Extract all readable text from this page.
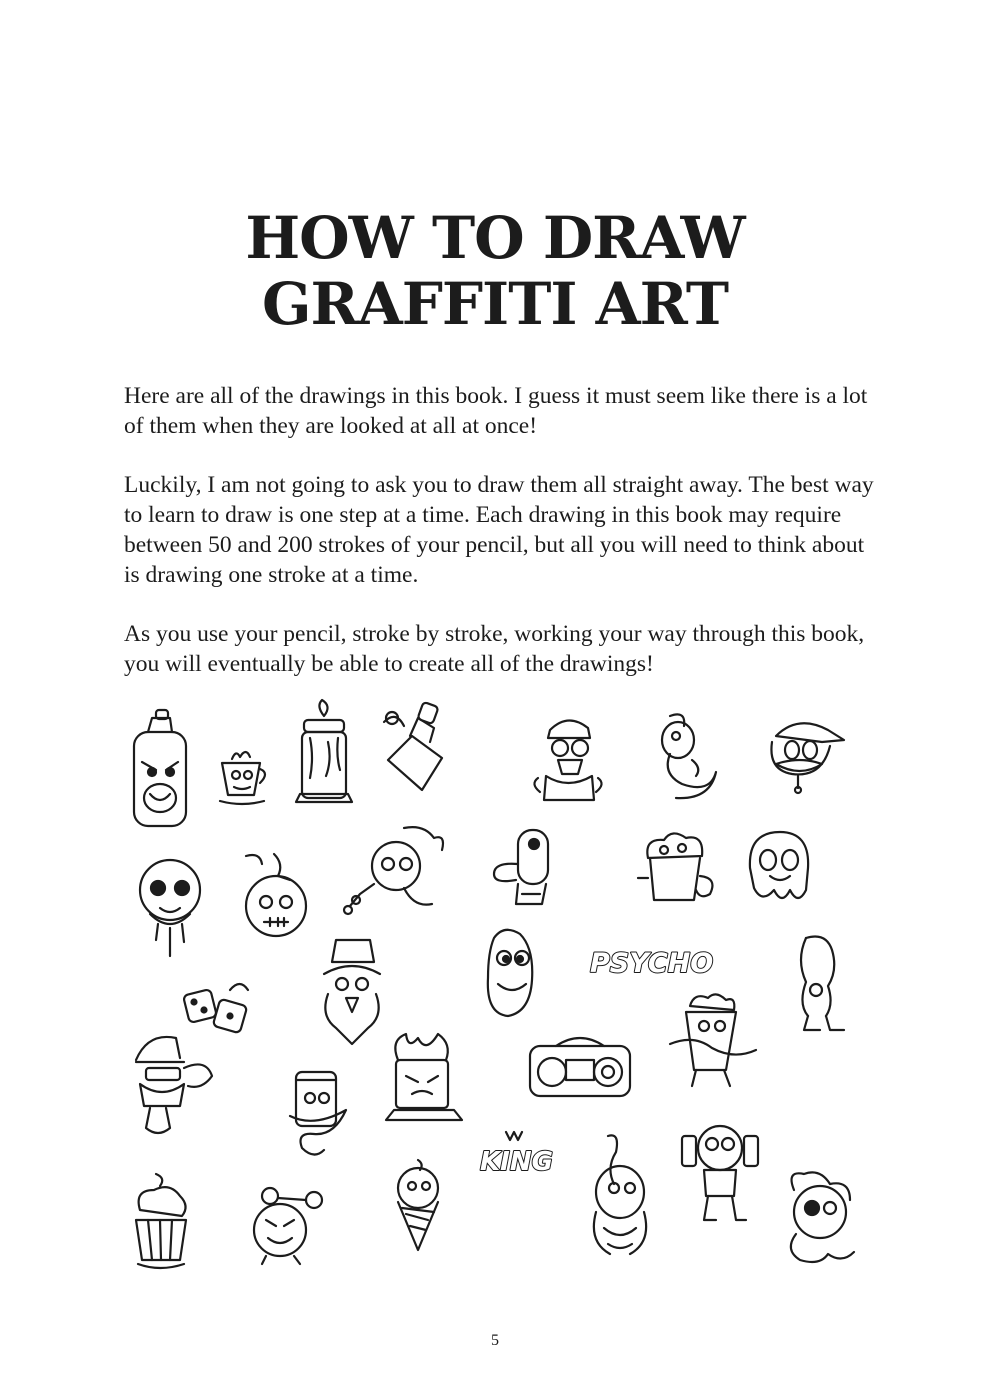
HOW TO DRAW
GRAFFITI ART

Here are all of the drawings in this book. I guess it must seem like there is a lot of them when they are looked at all at once!

Luckily, I am not going to ask you to draw them all straight away. The best way to learn to draw is one step at a time. Each drawing in this book may require between 50 and 200 strokes of your pencil, but all you will need to think about is drawing one stroke at a time.

As you use your pencil, stroke by stroke, working your way through this book, you will eventually be able to create all of the drawings!

PSYCHO
KING
5
